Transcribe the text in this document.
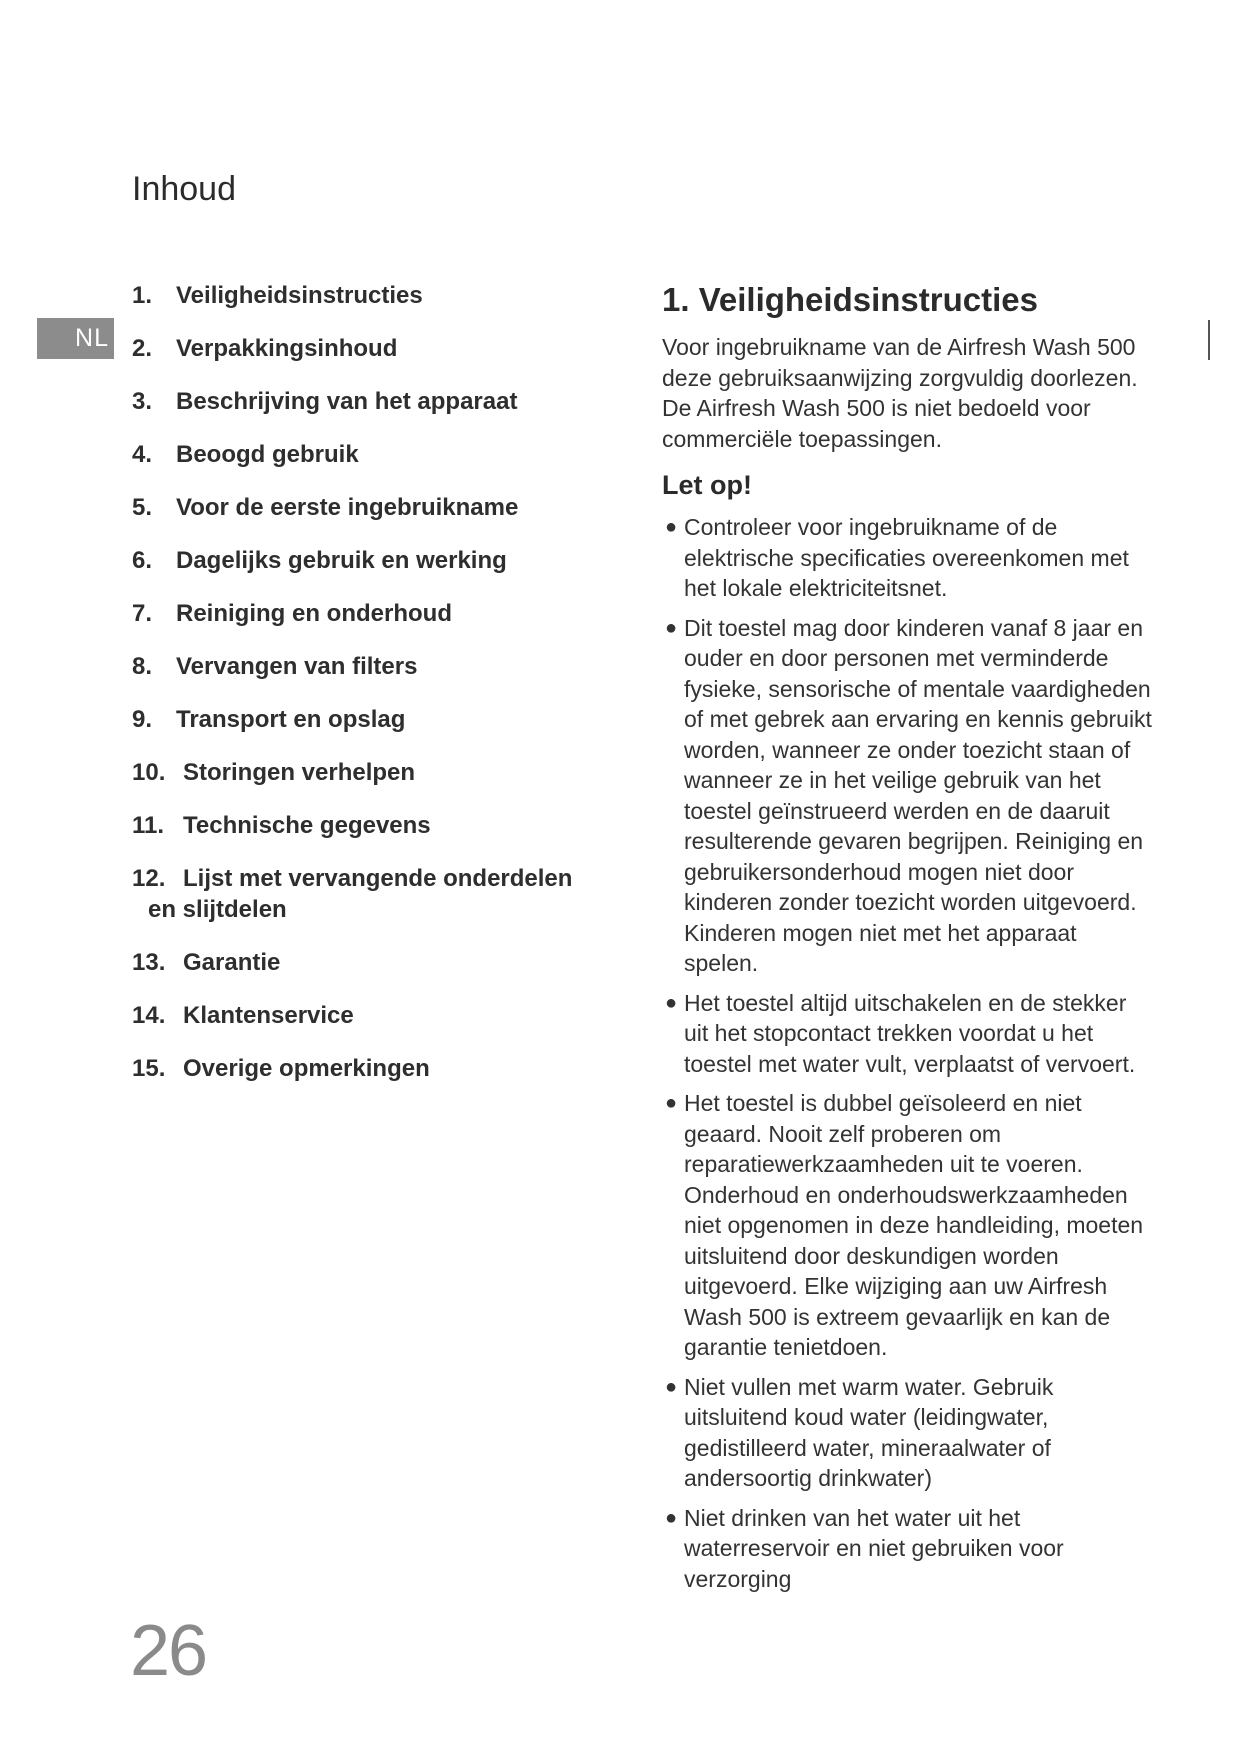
Inhoud
NL
1. Veiligheidsinstructies
2. Verpakkingsinhoud
3. Beschrijving van het apparaat
4. Beoogd gebruik
5. Voor de eerste ingebruikname
6. Dagelijks gebruik en werking
7. Reiniging en onderhoud
8. Vervangen van filters
9. Transport en opslag
10. Storingen verhelpen
11. Technische gegevens
12. Lijst met vervangende onderdelen
en slijtdelen
13. Garantie
14. Klantenservice
15. Overige opmerkingen
1. Veiligheidsinstructies

Voor ingebruikname van de Airfresh Wash 500 deze gebruiksaanwijzing zorgvuldig doorlezen. De Airfresh Wash 500 is niet bedoeld voor commerciële toepassingen.

Let op!
● Controleer voor ingebruikname of de elektrische specificaties overeenkomen met het lokale elektriciteitsnet.
● Dit toestel mag door kinderen vanaf 8 jaar en ouder en door personen met verminderde fysieke, sensorische of mentale vaardigheden of met gebrek aan ervaring en kennis gebruikt worden, wanneer ze onder toezicht staan of wanneer ze in het veilige gebruik van het toestel geïnstrueerd werden en de daaruit resulterende gevaren begrijpen. Reiniging en gebruikersonderhoud mogen niet door kinderen zonder toezicht worden uitgevoerd. Kinderen mogen niet met het apparaat spelen.
● Het toestel altijd uitschakelen en de stekker uit het stopcontact trekken voordat u het toestel met water vult, verplaatst of vervoert.
● Het toestel is dubbel geïsoleerd en niet geaard. Nooit zelf proberen om reparatiewerkzaamheden uit te voeren. Onderhoud en onderhoudswerkzaamheden niet opgenomen in deze handleiding, moeten uitsluitend door deskundigen worden uitgevoerd. Elke wijziging aan uw Airfresh Wash 500 is extreem gevaarlijk en kan de garantie tenietdoen.
● Niet vullen met warm water. Gebruik uitsluitend koud water (leidingwater, gedistilleerd water, mineraalwater of andersoortig drinkwater)
● Niet drinken van het water uit het waterreservoir en niet gebruiken voor verzorging
26
